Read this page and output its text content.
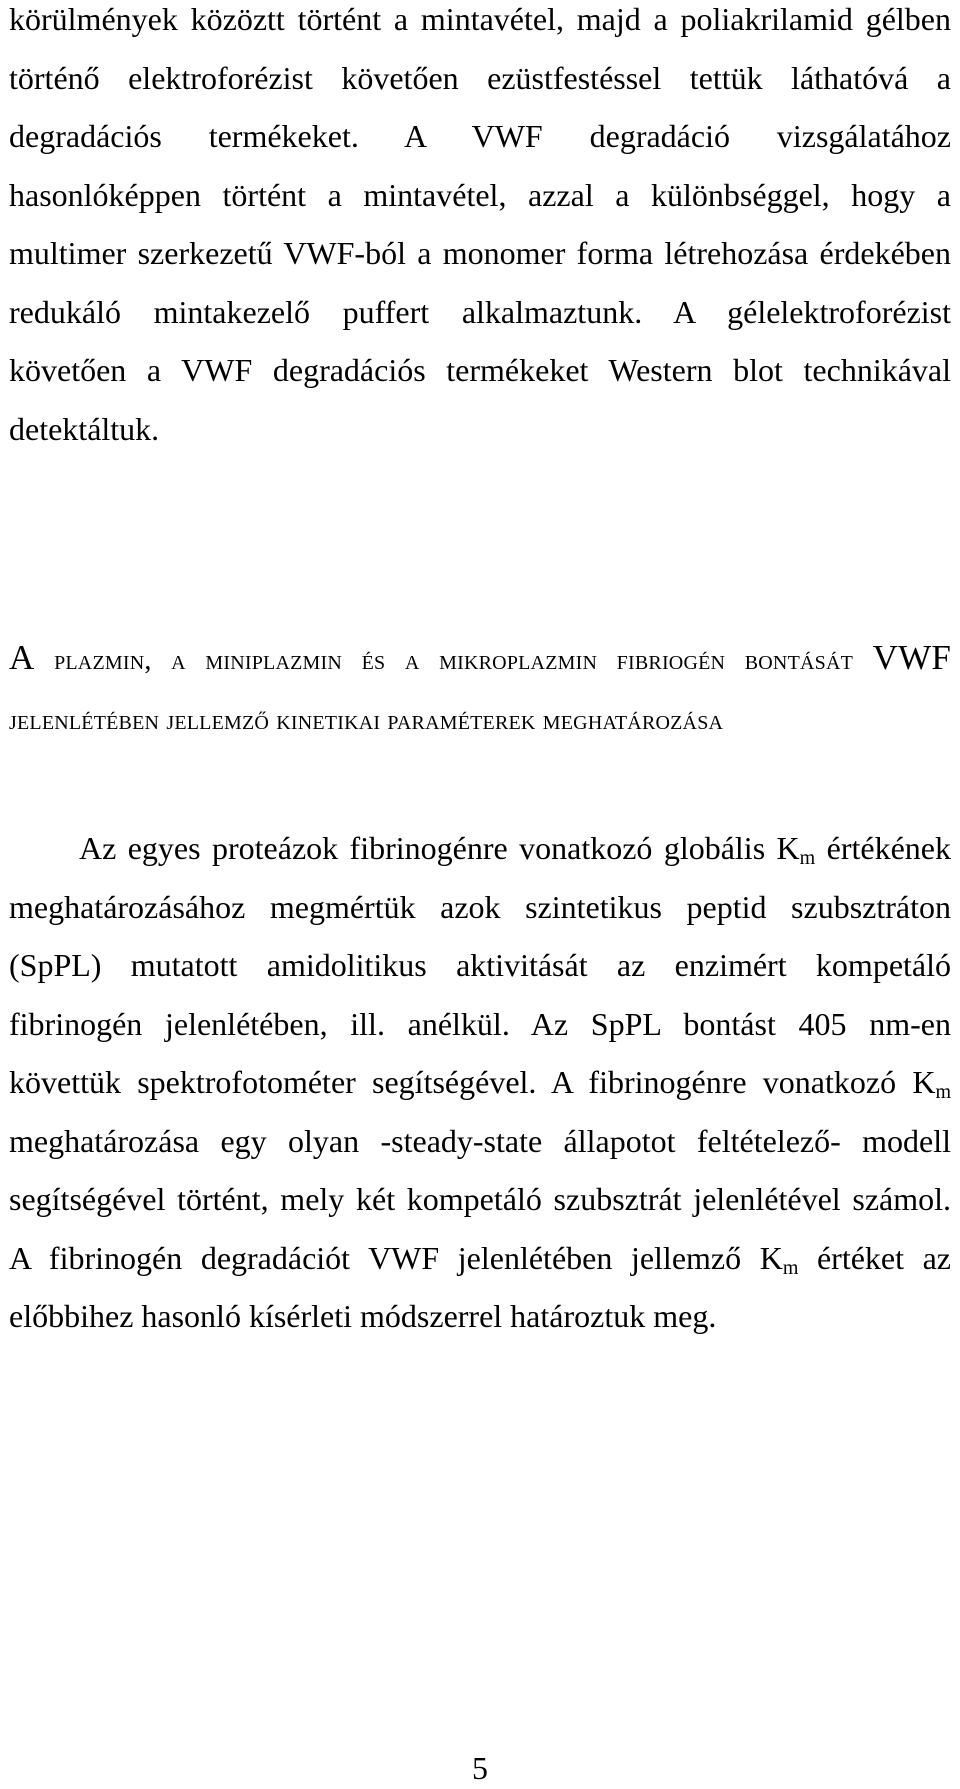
körülmények közöztt történt a mintavétel, majd a poliakrilamid gélben történő elektroforézist követően ezüstfestéssel tettük láthatóvá a degradációs termékeket. A VWF degradáció vizsgálatához hasonlóképpen történt a mintavétel, azzal a különbséggel, hogy a multimer szerkezetű VWF-ból a monomer forma létrehozása érdekében redukáló mintakezelő puffert alkalmaztunk. A gélelektroforézist követően a VWF degradációs termékeket Western blot technikával detektáltuk.

A plazmin, a miniplazmin és a mikroplazmin fibriogén bontását VWF jelenlétében jellemző kinetikai paraméterek meghatározása

Az egyes proteázok fibrinogénre vonatkozó globális $K_m$ értékének meghatározásához megmértük azok szintetikus peptid szubsztráton (SpPL) mutatott amidolitikus aktivitását az enzimért kompetáló fibrinogén jelenlétében, ill. anélkül. Az SpPL bontást 405 nm-en követtük spektrofotométer segítségével. A fibrinogénre vonatkozó $K_m$ meghatározása egy olyan -steady-state állapotot feltételező- modell segítségével történt, mely két kompetáló szubsztrát jelenlétével számol. A fibrinogén degradációt VWF jelenlétében jellemző $K_m$ értéket az előbbihez hasonló kísérleti módszerrel határoztuk meg.

5
